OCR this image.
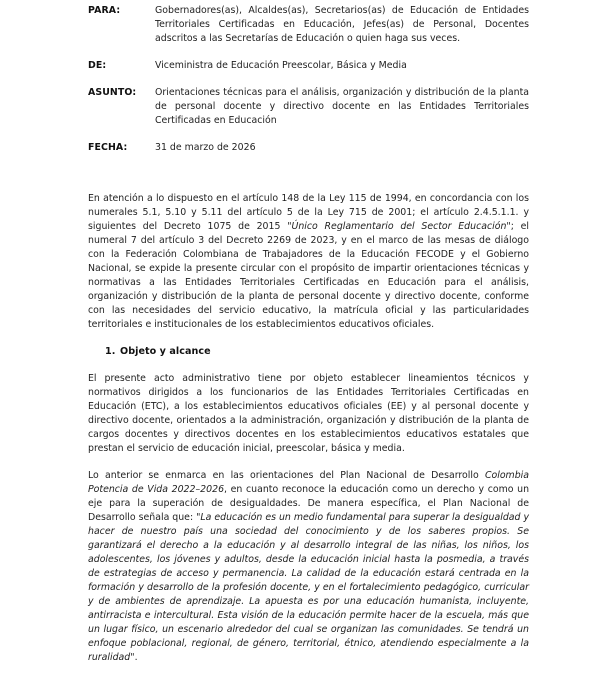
PARA:	Gobernadores(as), Alcaldes(as), Secretarios(as) de Educación de Entidades Territoriales Certificadas en Educación, Jefes(as) de Personal, Docentes adscritos a las Secretarías de Educación o quien haga sus veces.
DE:	Viceministra de Educación Preescolar, Básica y Media
ASUNTO:	Orientaciones técnicas para el análisis, organización y distribución de la planta de personal docente y directivo docente en las Entidades Territoriales Certificadas en Educación
FECHA:	31 de marzo de 2026

En atención a lo dispuesto en el artículo 148 de la Ley 115 de 1994, en concordancia con los numerales 5.1, 5.10 y 5.11 del artículo 5 de la Ley 715 de 2001; el artículo 2.4.5.1.1. y siguientes del Decreto 1075 de 2015 "Único Reglamentario del Sector Educación"; el numeral 7 del artículo 3 del Decreto 2269 de 2023, y en el marco de las mesas de diálogo con la Federación Colombiana de Trabajadores de la Educación FECODE y el Gobierno Nacional, se expide la presente circular con el propósito de impartir orientaciones técnicas y normativas a las Entidades Territoriales Certificadas en Educación para el análisis, organización y distribución de la planta de personal docente y directivo docente, conforme con las necesidades del servicio educativo, la matrícula oficial y las particularidades territoriales e institucionales de los establecimientos educativos oficiales.

1. Objeto y alcance

El presente acto administrativo tiene por objeto establecer lineamientos técnicos y normativos dirigidos a los funcionarios de las Entidades Territoriales Certificadas en Educación (ETC), a los establecimientos educativos oficiales (EE) y al personal docente y directivo docente, orientados a la administración, organización y distribución de la planta de cargos docentes y directivos docentes en los establecimientos educativos estatales que prestan el servicio de educación inicial, preescolar, básica y media.

Lo anterior se enmarca en las orientaciones del Plan Nacional de Desarrollo Colombia Potencia de Vida 2022–2026, en cuanto reconoce la educación como un derecho y como un eje para la superación de desigualdades. De manera específica, el Plan Nacional de Desarrollo señala que: "La educación es un medio fundamental para superar la desigualdad y hacer de nuestro país una sociedad del conocimiento y de los saberes propios. Se garantizará el derecho a la educación y al desarrollo integral de las niñas, los niños, los adolescentes, los jóvenes y adultos, desde la educación inicial hasta la posmedia, a través de estrategias de acceso y permanencia. La calidad de la educación estará centrada en la formación y desarrollo de la profesión docente, y en el fortalecimiento pedagógico, curricular y de ambientes de aprendizaje. La apuesta es por una educación humanista, incluyente, antirracista e intercultural. Esta visión de la educación permite hacer de la escuela, más que un lugar físico, un escenario alrededor del cual se organizan las comunidades. Se tendrá un enfoque poblacional, regional, de género, territorial, étnico, atendiendo especialmente a la ruralidad".
